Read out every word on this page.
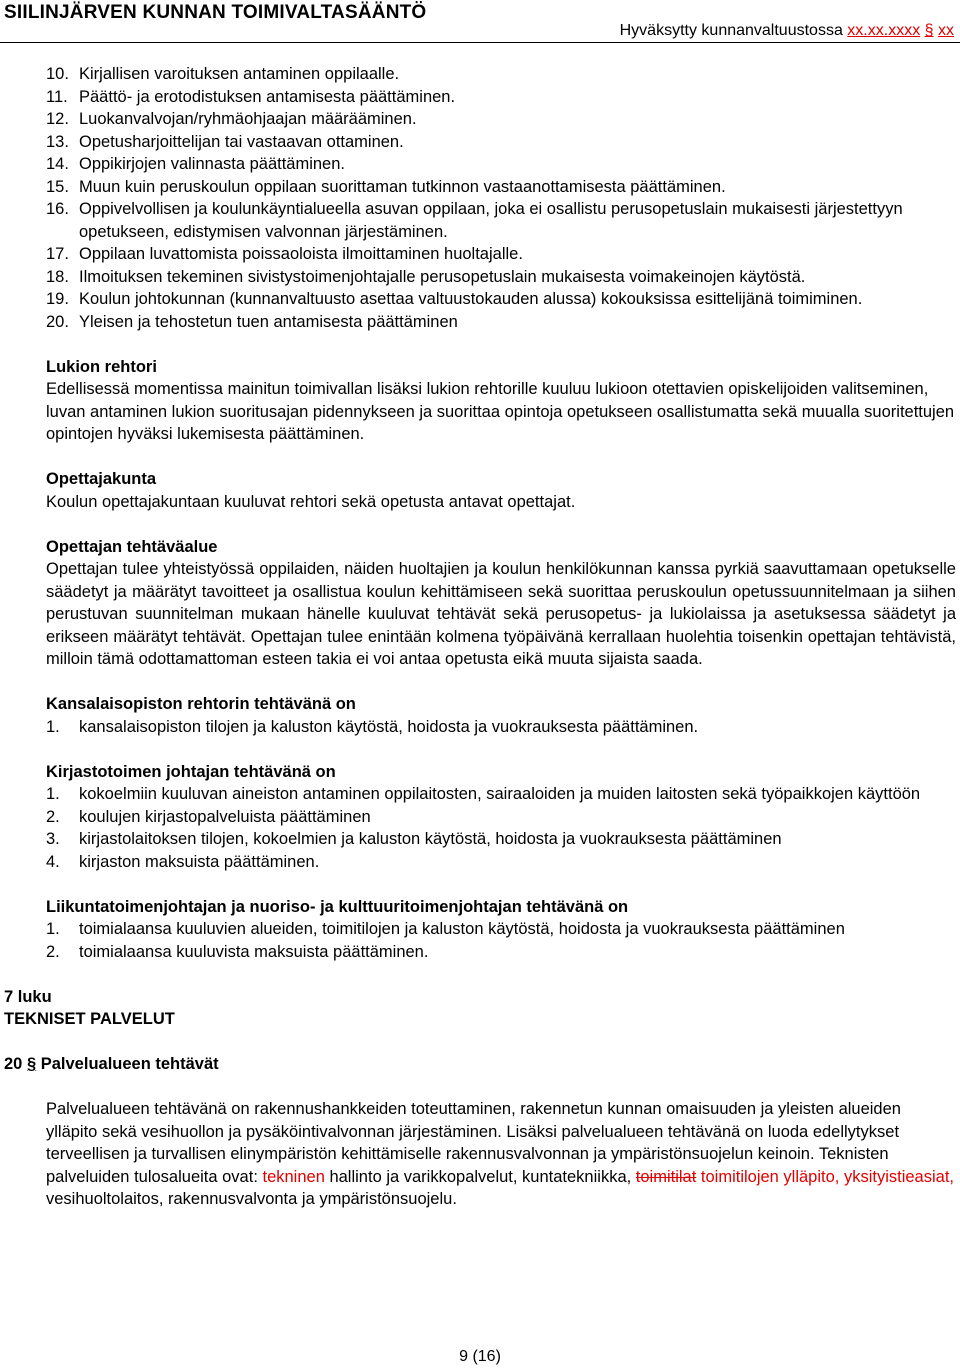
SIILINJÄRVEN KUNNAN TOIMIVALTASÄÄNTÖ
Hyväksytty kunnanvaltuustossa xx.xx.xxxx § xx
10. Kirjallisen varoituksen antaminen oppilaalle.
11. Päättö- ja erotodistuksen antamisesta päättäminen.
12. Luokanvalvojan/ryhmäohjaajan määrääminen.
13. Opetusharjoittelijan tai vastaavan ottaminen.
14. Oppikirjojen valinnasta päättäminen.
15. Muun kuin peruskoulun oppilaan suorittaman tutkinnon vastaanottamisesta päättäminen.
16. Oppivelvollisen ja koulunkäyntialueella asuvan oppilaan, joka ei osallistu perusopetuslain mukaisesti järjestettyyn opetukseen, edistymisen valvonnan järjestäminen.
17. Oppilaan luvattomista poissaoloista ilmoittaminen huoltajalle.
18. Ilmoituksen tekeminen sivistystoimenjohtajalle perusopetuslain mukaisesta voimakeinojen käytöstä.
19. Koulun johtokunnan (kunnanvaltuusto asettaa valtuustokauden alussa) kokouksissa esittelijänä toimiminen.
20. Yleisen ja tehostetun tuen antamisesta päättäminen
Lukion rehtori
Edellisessä momentissa mainitun toimivallan lisäksi lukion rehtorille kuuluu lukioon otettavien opiskelijoiden valitseminen, luvan antaminen lukion suoritusajan pidennykseen ja suorittaa opintoja opetukseen osallistumatta sekä muualla suoritettujen opintojen hyväksi lukemisesta päättäminen.
Opettajakunta
Koulun opettajakuntaan kuuluvat rehtori sekä opetusta antavat opettajat.
Opettajan tehtäväalue
Opettajan tulee yhteistyössä oppilaiden, näiden huoltajien ja koulun henkilökunnan kanssa pyrkiä saavuttamaan opetukselle säädetyt ja määrätyt tavoitteet ja osallistua koulun kehittämiseen sekä suorittaa peruskoulun opetussuunnitelmaan ja siihen perustuvan suunnitelman mukaan hänelle kuuluvat tehtävät sekä perusopetus- ja lukiolaissa ja asetuksessa säädetyt ja erikseen määrätyt tehtävät. Opettajan tulee enintään kolmena työpäivänä kerrallaan huolehtia toisenkin opettajan tehtävistä, milloin tämä odottamattoman esteen takia ei voi antaa opetusta eikä muuta sijaista saada.
Kansalaisopiston rehtorin tehtävänä on
1. kansalaisopiston tilojen ja kaluston käytöstä, hoidosta ja vuokrauksesta päättäminen.
Kirjastotoimen johtajan tehtävänä on
1. kokoelmiin kuuluvan aineiston antaminen oppilaitosten, sairaaloiden ja muiden laitosten sekä työpaikkojen käyttöön
2. koulujen kirjastopalveluista päättäminen
3. kirjastolaitoksen tilojen, kokoelmien ja kaluston käytöstä, hoidosta ja vuokrauksesta päättäminen
4. kirjaston maksuista päättäminen.
Liikuntatoimenjohtajan ja nuoriso- ja kulttuuritoimenjohtajan tehtävänä on
1. toimialaansa kuuluvien alueiden, toimitilojen ja kaluston käytöstä, hoidosta ja vuokrauksesta päättäminen
2. toimialaansa kuuluvista maksuista päättäminen.
7 luku
TEKNISET PALVELUT
20 § Palvelualueen tehtävät
Palvelualueen tehtävänä on rakennushankkeiden toteuttaminen, rakennetun kunnan omaisuuden ja yleisten alueiden ylläpito sekä vesihuollon ja pysäköintivalvonnan järjestäminen. Lisäksi palvelualueen tehtävänä on luoda edellytykset terveellisen ja turvallisen elinympäristön kehittämiselle rakennusvalvonnan ja ympäristönsuojelun keinoin. Teknisten palveluiden tulosalueita ovat: tekninen hallinto ja varikkopalvelut, kuntatekniikka, toimitilat toimitilojen ylläpito, yksityistieasiat, vesihuoltolaitos, rakennusvalvonta ja ympäristönsuojelu.
9 (16)
